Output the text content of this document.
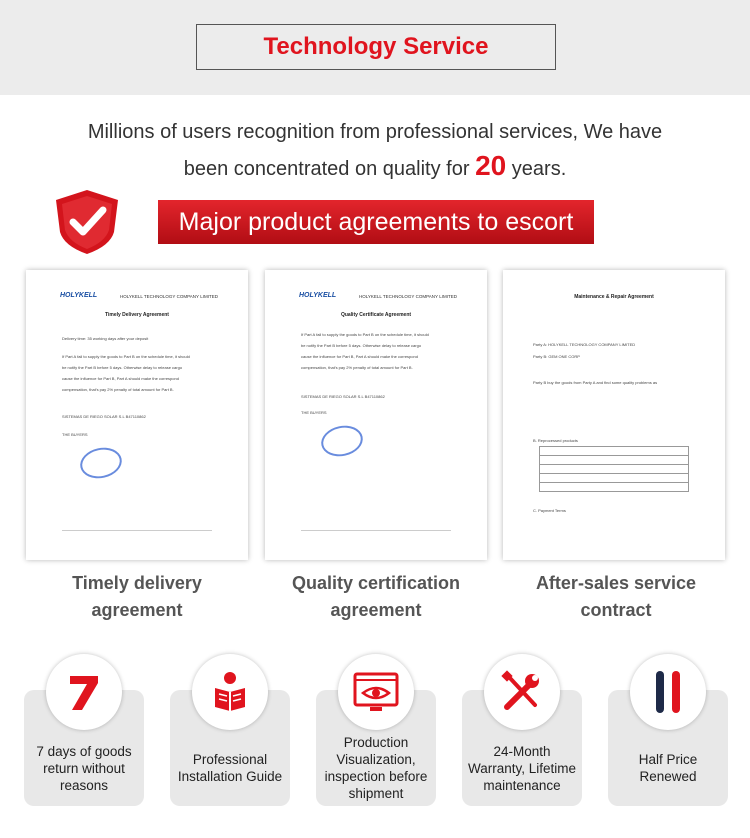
Technology Service
Millions of users recognition from professional services, We have
been concentrated on quality for 20 years.
Major product agreements to escort
HOLYKELL	HOLYKELL TECHNOLOGY COMPANY LIMITED
Timely Delivery Agreement
Delivery time: 35 working days after your deposit
If Part A fail to supply the goods to Part B on the schedule time, it should
be notify the Part B before 5 days. Otherwise delay to release cargo
cause the influence for Part B, Part A should make the correspond
compensation, that's pay 2% penalty of total amount for Part B.
SISTEMAS DE RIEGO SOLAR S.L B47110862
THE BUYERS
HOLYKELL	HOLYKELL TECHNOLOGY COMPANY LIMITED
Quality Certificate Agreement
If Part A fail to supply the goods to Part B on the schedule time, it should
be notify the Part B before 5 days. Otherwise delay to release cargo
cause the influence for Part B, Part A should make the correspond
compensation, that's pay 2% penalty of total amount for Part B.
SISTEMAS DE RIEGO SOLAR S.L B47110862
THE BUYERS
Maintenance & Repair Agreement
Party A: HOLYKELL TECHNOLOGY COMPANY LIMITED
Party B: GEM ONE CORP
Party B buy the goods from Party A and find some quality problems as
B. Reprocessed products
C. Payment Terms
Timely delivery
agreement
Quality certification
agreement
After-sales service
contract
7 days of goods return without reasons
Professional Installation Guide
Production Visualization, inspection before shipment
24-Month Warranty, Lifetime maintenance
Half Price Renewed
